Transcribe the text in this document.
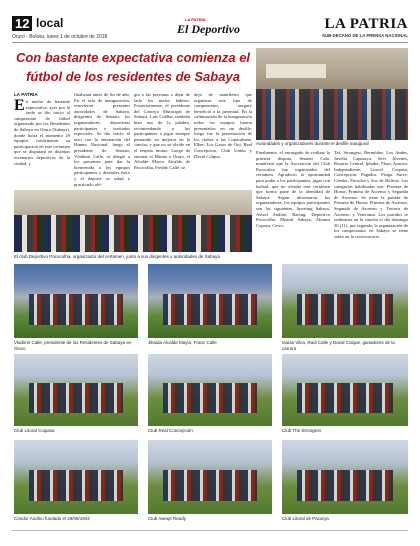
12 local
Oruro - Bolivia, lunes 1 de octubre de 2018
LA PATRIA
El Deportivo	LA PATRIA
SUB-DECANO DE LA PRENSA NACIONAL
Con bastante expectativa comienza el fútbol de los residentes de Sabaya
Autoridades y organizadores durante el desfile inaugural
LA PATRIA
E n medio de bastante expectativa, ayer por la tarde se dio inicio al campeonato de fútbol organizado por los Residentes de Sabaya en Oruro (Sabaya), donde hasta el momento 29 equipos confirmaron su participación en este certamen que se disputará en distintas escenarios deportivos de la ciudad, y
finalizará antes de fin de año. En el acto de inauguración, estuvieron presentes autoridades de Sabaya, dirigentes de Senasir, los organizadores, deportistas participantes e invitados especiales. Se dio inicio al acto con la entonación del Himno Nacional, luego el presidente de Senasir, Vladimir Calle, se dirigió a los presentes para dar la bienvenida a los equipos participantes y desearles éxito y el deporte se salud y practicarlo olé-
gio a las personas a dejar de lado los malos hábitos. Posteriormente, el presidente del Concejo Municipal de Sabaya, Luis Cuéllar, también hizo uso de la palabra, recomendando a los participantes a jugar siempre pensando en mejorar en la cancha, y que no se olvide en el respeto mutuo. Luego de entonar el Himno a Oruro, el Alcalde Mayor Alcalde de Pacocolha, Freddy Calle, se
dejó de manifiesto que organizar este tipo de campeonatos, aseguro benefició a la juventud. En la culminación de la inauguración todos los equipos fueron presentados en un desfile, luego fue la presentación de los clubes a los Copacabana, Elber, Los Gatos de Oro, Real Concepción, Club Unión y David Colque.
Finalmente, el encargado de realizar la primera disputa, Senasir Cala, manifestó que la Asociación del Club Pacoculaa fue organizador del certamen. Agradeció la oportunidad para poder a los participantes, jugar con lealtad, que no olvidar este certamen que forma parte de la identidad de Sabaya. Según informaron los organizadores, los equipos participantes son los siguientes: Sporting Sabaya, Aswal Andino, Racing, Deportivo Pacocolha, Mistral Sabaya, Alianza Copaya, Cerro,
Taf, Strongest, Bermúdez, Los Andes, Juvelia Capasaya, Sevi Jóvenes, Rosario Central, Iplador, Flota, Aruriza, Independiente, Litoral Coipasa, Concepción, Pagador, Pisiga Sucre, Cóndor, Pacocha y Sos de Bolívar. Las categorías habilitadas son: Primera de Honor, Primera de Ascenso y Segunda de Ascenso. Se tiene la partida de Primera de Honor, Primera de Ascenso, Segunda de Ascenso y Tercera de Ascenso, y Veteranos. Los partidos se realizaron en la cancha el día domingo 30 (11), por segunda, la organización de los campeonatos en Sabaya se tiene sobre en la convocatoria.
El club Deportivo Pacocolha, organizador del certamen, junto a sus dirigentes y autoridades de Sabaya
Vladimir Calle, presidente de los Residentes de Sabaya en Oruro
Jikaida Alcalde Mayor, Franz Calle	Isaías Vilca, Raúl Calle y David Colque, ganadores de la carrera
Club Litoral Coipasa	Club Real Concepción	Club The Strongest
Cóndor Andino fundado el 26/06/1944	Club Aweqs Ready	Club Litoral de Pacarya
